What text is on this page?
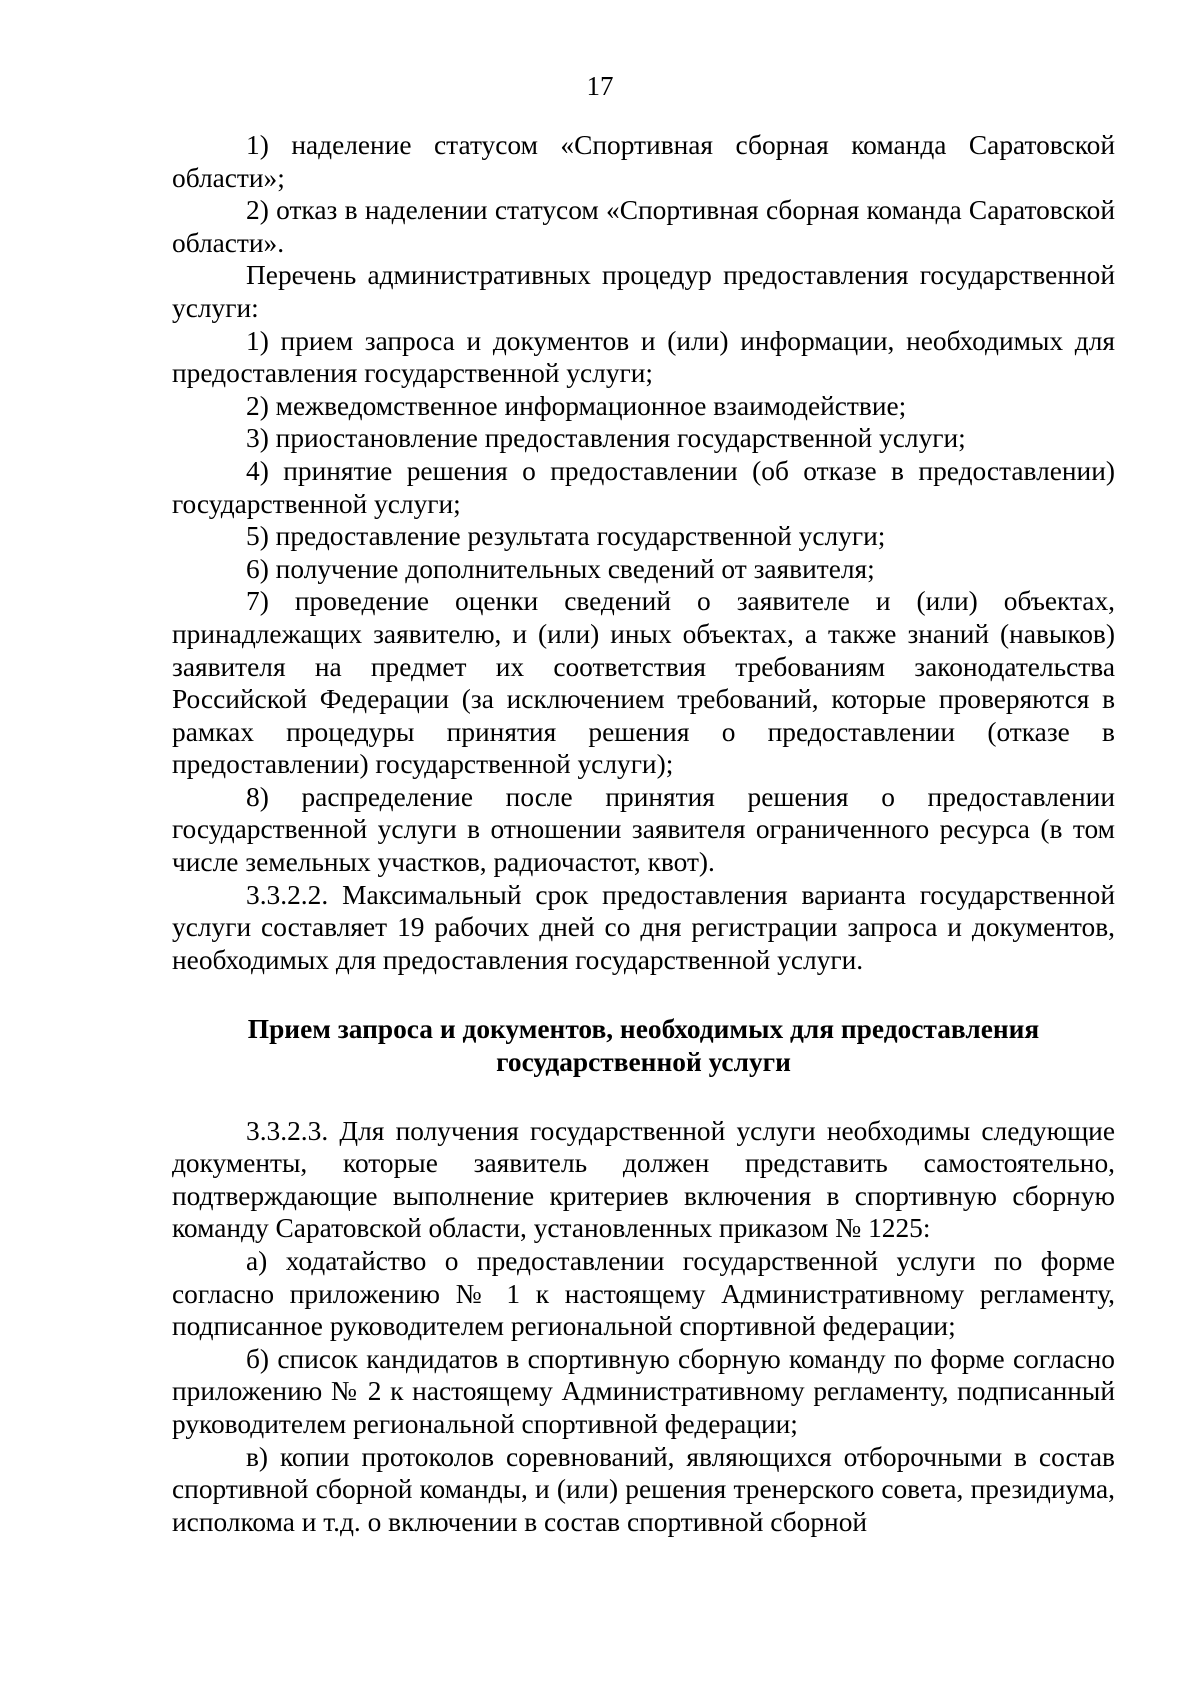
17

1) наделение статусом «Спортивная сборная команда Саратовской области»;

2) отказ в наделении статусом «Спортивная сборная команда Саратовской области».

Перечень административных процедур предоставления государственной услуги:

1) прием запроса и документов и (или) информации, необходимых для предоставления государственной услуги;

2) межведомственное информационное взаимодействие;

3) приостановление предоставления государственной услуги;

4) принятие решения о предоставлении (об отказе в предоставлении) государственной услуги;

5) предоставление результата государственной услуги;

6) получение дополнительных сведений от заявителя;

7) проведение оценки сведений о заявителе и (или) объектах, принадлежащих заявителю, и (или) иных объектах, а также знаний (навыков) заявителя на предмет их соответствия требованиям законодательства Российской Федерации (за исключением требований, которые проверяются в рамках процедуры принятия решения о предоставлении (отказе в предоставлении) государственной услуги);

8) распределение после принятия решения о предоставлении государственной услуги в отношении заявителя ограниченного ресурса (в том числе земельных участков, радиочастот, квот).

3.3.2.2. Максимальный срок предоставления варианта государственной услуги составляет 19 рабочих дней со дня регистрации запроса и документов, необходимых для предоставления государственной услуги.

Прием запроса и документов, необходимых для предоставления
государственной услуги

3.3.2.3. Для получения государственной услуги необходимы следующие документы, которые заявитель должен представить самостоятельно, подтверждающие выполнение критериев включения в спортивную сборную команду Саратовской области, установленных приказом № 1225:

а) ходатайство о предоставлении государственной услуги по форме согласно приложению № 1 к настоящему Административному регламенту, подписанное руководителем региональной спортивной федерации;

б) список кандидатов в спортивную сборную команду по форме согласно приложению № 2 к настоящему Административному регламенту, подписанный руководителем региональной спортивной федерации;

в) копии протоколов соревнований, являющихся отборочными в состав спортивной сборной команды, и (или) решения тренерского совета, президиума, исполкома и т.д. о включении в состав спортивной сборной
